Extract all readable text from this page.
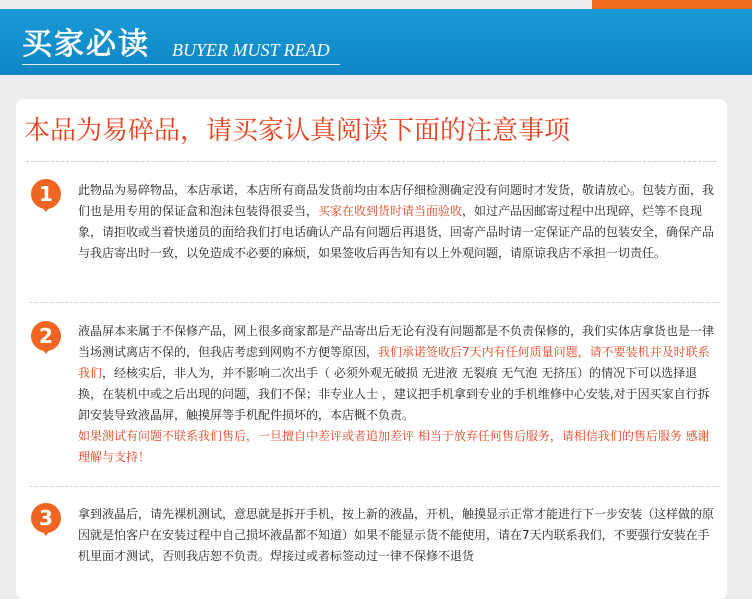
买家必读 BUYER MUST READ
本品为易碎品，请买家认真阅读下面的注意事项
1	此物品为易碎物品，本店承诺，本店所有商品发货前均由本店仔细检测确定没有问题时才发货，敬请放心。包装方面，我们也是用专用的保证盒和泡沫包装得很妥当，买家在收到货时请当面验收，如过产品因邮寄过程中出现碎，烂等不良现象，请拒收或当着快递员的面给我们打电话确认产品有问题后再退货，回寄产品时请一定保证产品的包装安全，确保产品与我店寄出时一致，以免造成不必要的麻烦，如果签收后再告知有以上外观问题，请原谅我店不承担一切责任。
2	液晶屏本来属于不保修产品，网上很多商家都是产品寄出后无论有没有问题都是不负责保修的，我们实体店拿货也是一律当场测试离店不保的，但我店考虑到网购不方便等原因，我们承诺签收后7天内有任何质量问题，请不要装机并及时联系我们，经核实后，非人为，并不影响二次出手（ 必须外观无破损 无进液 无裂痕 无气泡 无挤压）的情况下可以选择退换，在装机中或之后出现的问题，我们不保；非专业人士 ，建议把手机拿到专业的手机维修中心安装,对于因买家自行拆卸安装导致液晶屏，触摸屏等手机配件损坏的，本店概不负责。
如果测试有问题不联系我们售后，一旦擅自中差评或者追加差评 相当于放弃任何售后服务，请相信我们的售后服务 感谢理解与支持！
3	拿到液晶后，请先裸机测试，意思就是拆开手机，按上新的液晶，开机，触摸显示正常才能进行下一步安装（这样做的原因就是怕客户在安装过程中自己损坏液晶都不知道）如果不能显示货不能使用，请在7天内联系我们，不要强行安装在手机里面才测试，否则我店恕不负责。焊接过或者标签动过一律不保修不退货
